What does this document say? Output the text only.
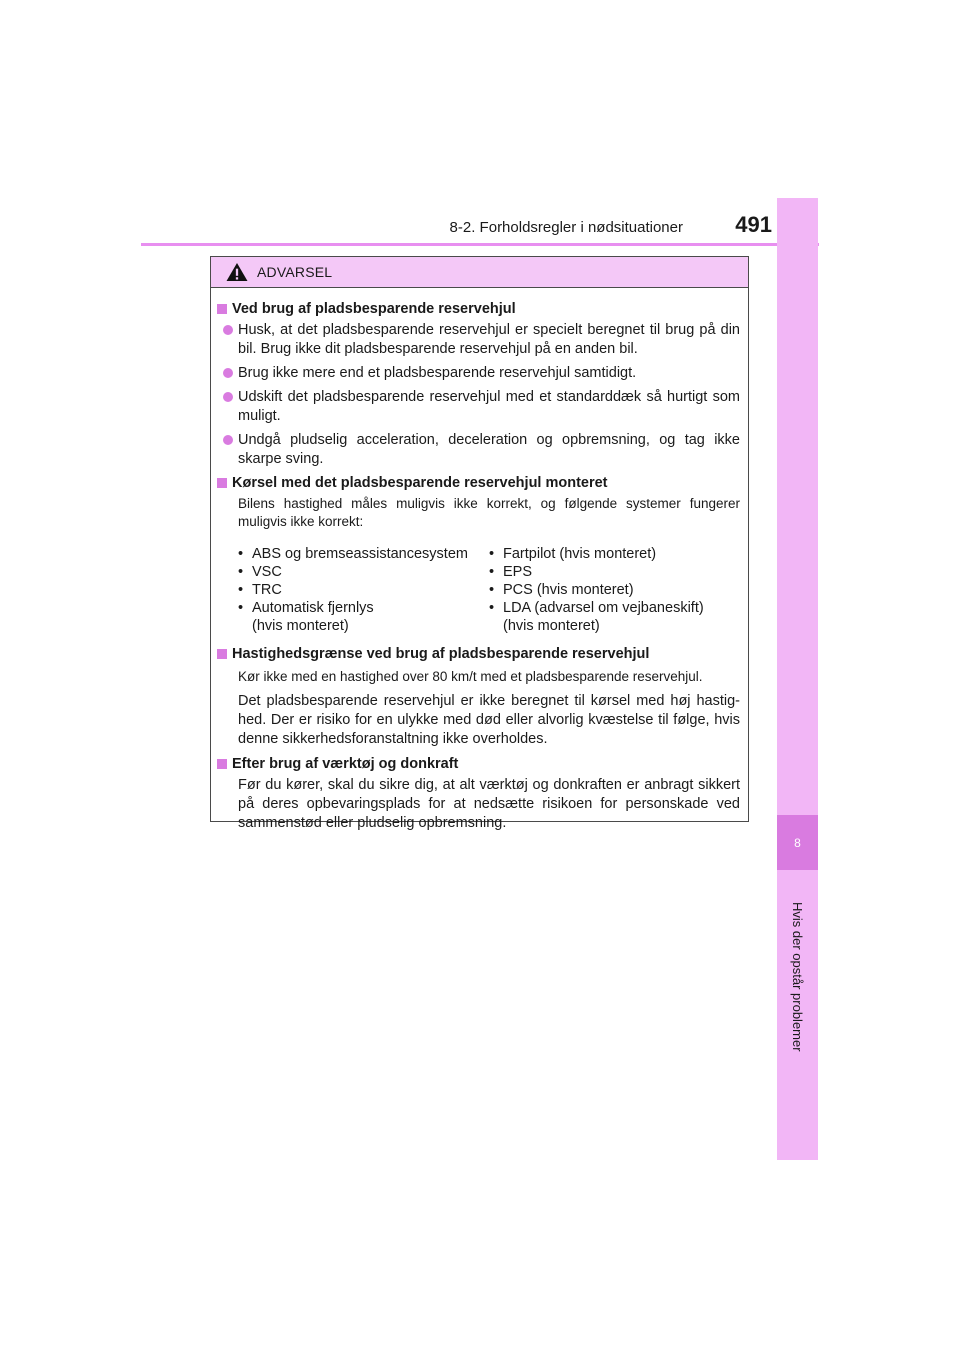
8-2. Forholdsregler i nødsituationer	491
8
Hvis der opstår problemer
ADVARSEL
Ved brug af pladsbesparende reservehjul
Husk, at det pladsbesparende reservehjul er specielt beregnet til brug på din bil. Brug ikke dit pladsbesparende reservehjul på en anden bil.
Brug ikke mere end et pladsbesparende reservehjul samtidigt.
Udskift det pladsbesparende reservehjul med et standarddæk så hurtigt som muligt.
Undgå pludselig acceleration, deceleration og opbremsning, og tag ikke skarpe sving.
Kørsel med det pladsbesparende reservehjul monteret
Bilens hastighed måles muligvis ikke korrekt, og følgende systemer fungerer muligvis ikke korrekt:
• ABS og bremseassistancesystem
• VSC
• TRC
• Automatisk fjernlys
(hvis monteret)
• Fartpilot (hvis monteret)
• EPS
• PCS (hvis monteret)
• LDA (advarsel om vejbaneskift)
(hvis monteret)
Hastighedsgrænse ved brug af pladsbesparende reservehjul
Kør ikke med en hastighed over 80 km/t med et pladsbesparende reservehjul.
Det pladsbesparende reservehjul er ikke beregnet til kørsel med høj hastig-hed. Der er risiko for en ulykke med død eller alvorlig kvæstelse til følge, hvis denne sikkerhedsforanstaltning ikke overholdes.
Efter brug af værktøj og donkraft
Før du kører, skal du sikre dig, at alt værktøj og donkraften er anbragt sikkert på deres opbevaringsplads for at nedsætte risikoen for personskade ved sammenstød eller pludselig opbremsning.
